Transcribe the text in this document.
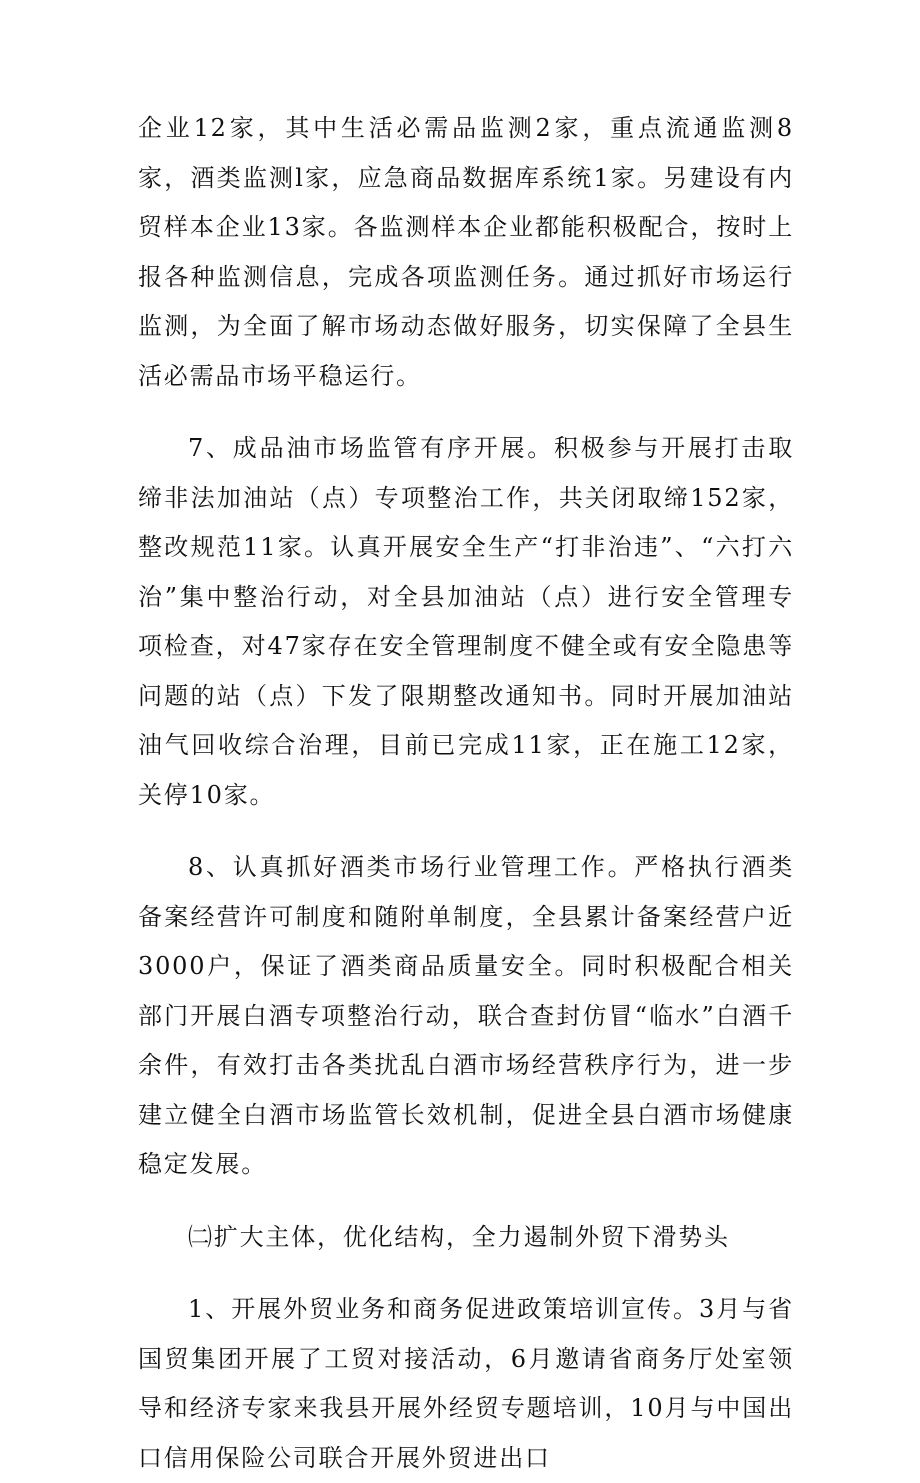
企业12家，其中生活必需品监测2家，重点流通监测8家，酒类监测l家，应急商品数据库系统1家。另建设有内贸样本企业13家。各监测样本企业都能积极配合，按时上报各种监测信息，完成各项监测任务。通过抓好市场运行监测，为全面了解市场动态做好服务，切实保障了全县生活必需品市场平稳运行。

7、成品油市场监管有序开展。积极参与开展打击取缔非法加油站（点）专项整治工作，共关闭取缔152家，整改规范11家。认真开展安全生产“打非治违”、“六打六治”集中整治行动，对全县加油站（点）进行安全管理专项检查，对47家存在安全管理制度不健全或有安全隐患等问题的站（点）下发了限期整改通知书。同时开展加油站油气回收综合治理，目前已完成11家，正在施工12家，关停10家。

8、认真抓好酒类市场行业管理工作。严格执行酒类备案经营许可制度和随附单制度，全县累计备案经营户近3000户，保证了酒类商品质量安全。同时积极配合相关部门开展白酒专项整治行动，联合查封仿冒“临水”白酒千余件，有效打击各类扰乱白酒市场经营秩序行为，进一步建立健全白酒市场监管长效机制，促进全县白酒市场健康稳定发展。

㈡扩大主体，优化结构，全力遏制外贸下滑势头

1、开展外贸业务和商务促进政策培训宣传。3月与省国贸集团开展了工贸对接活动，6月邀请省商务厅处室领导和经济专家来我县开展外经贸专题培训，10月与中国出口信用保险公司联合开展外贸进出口
